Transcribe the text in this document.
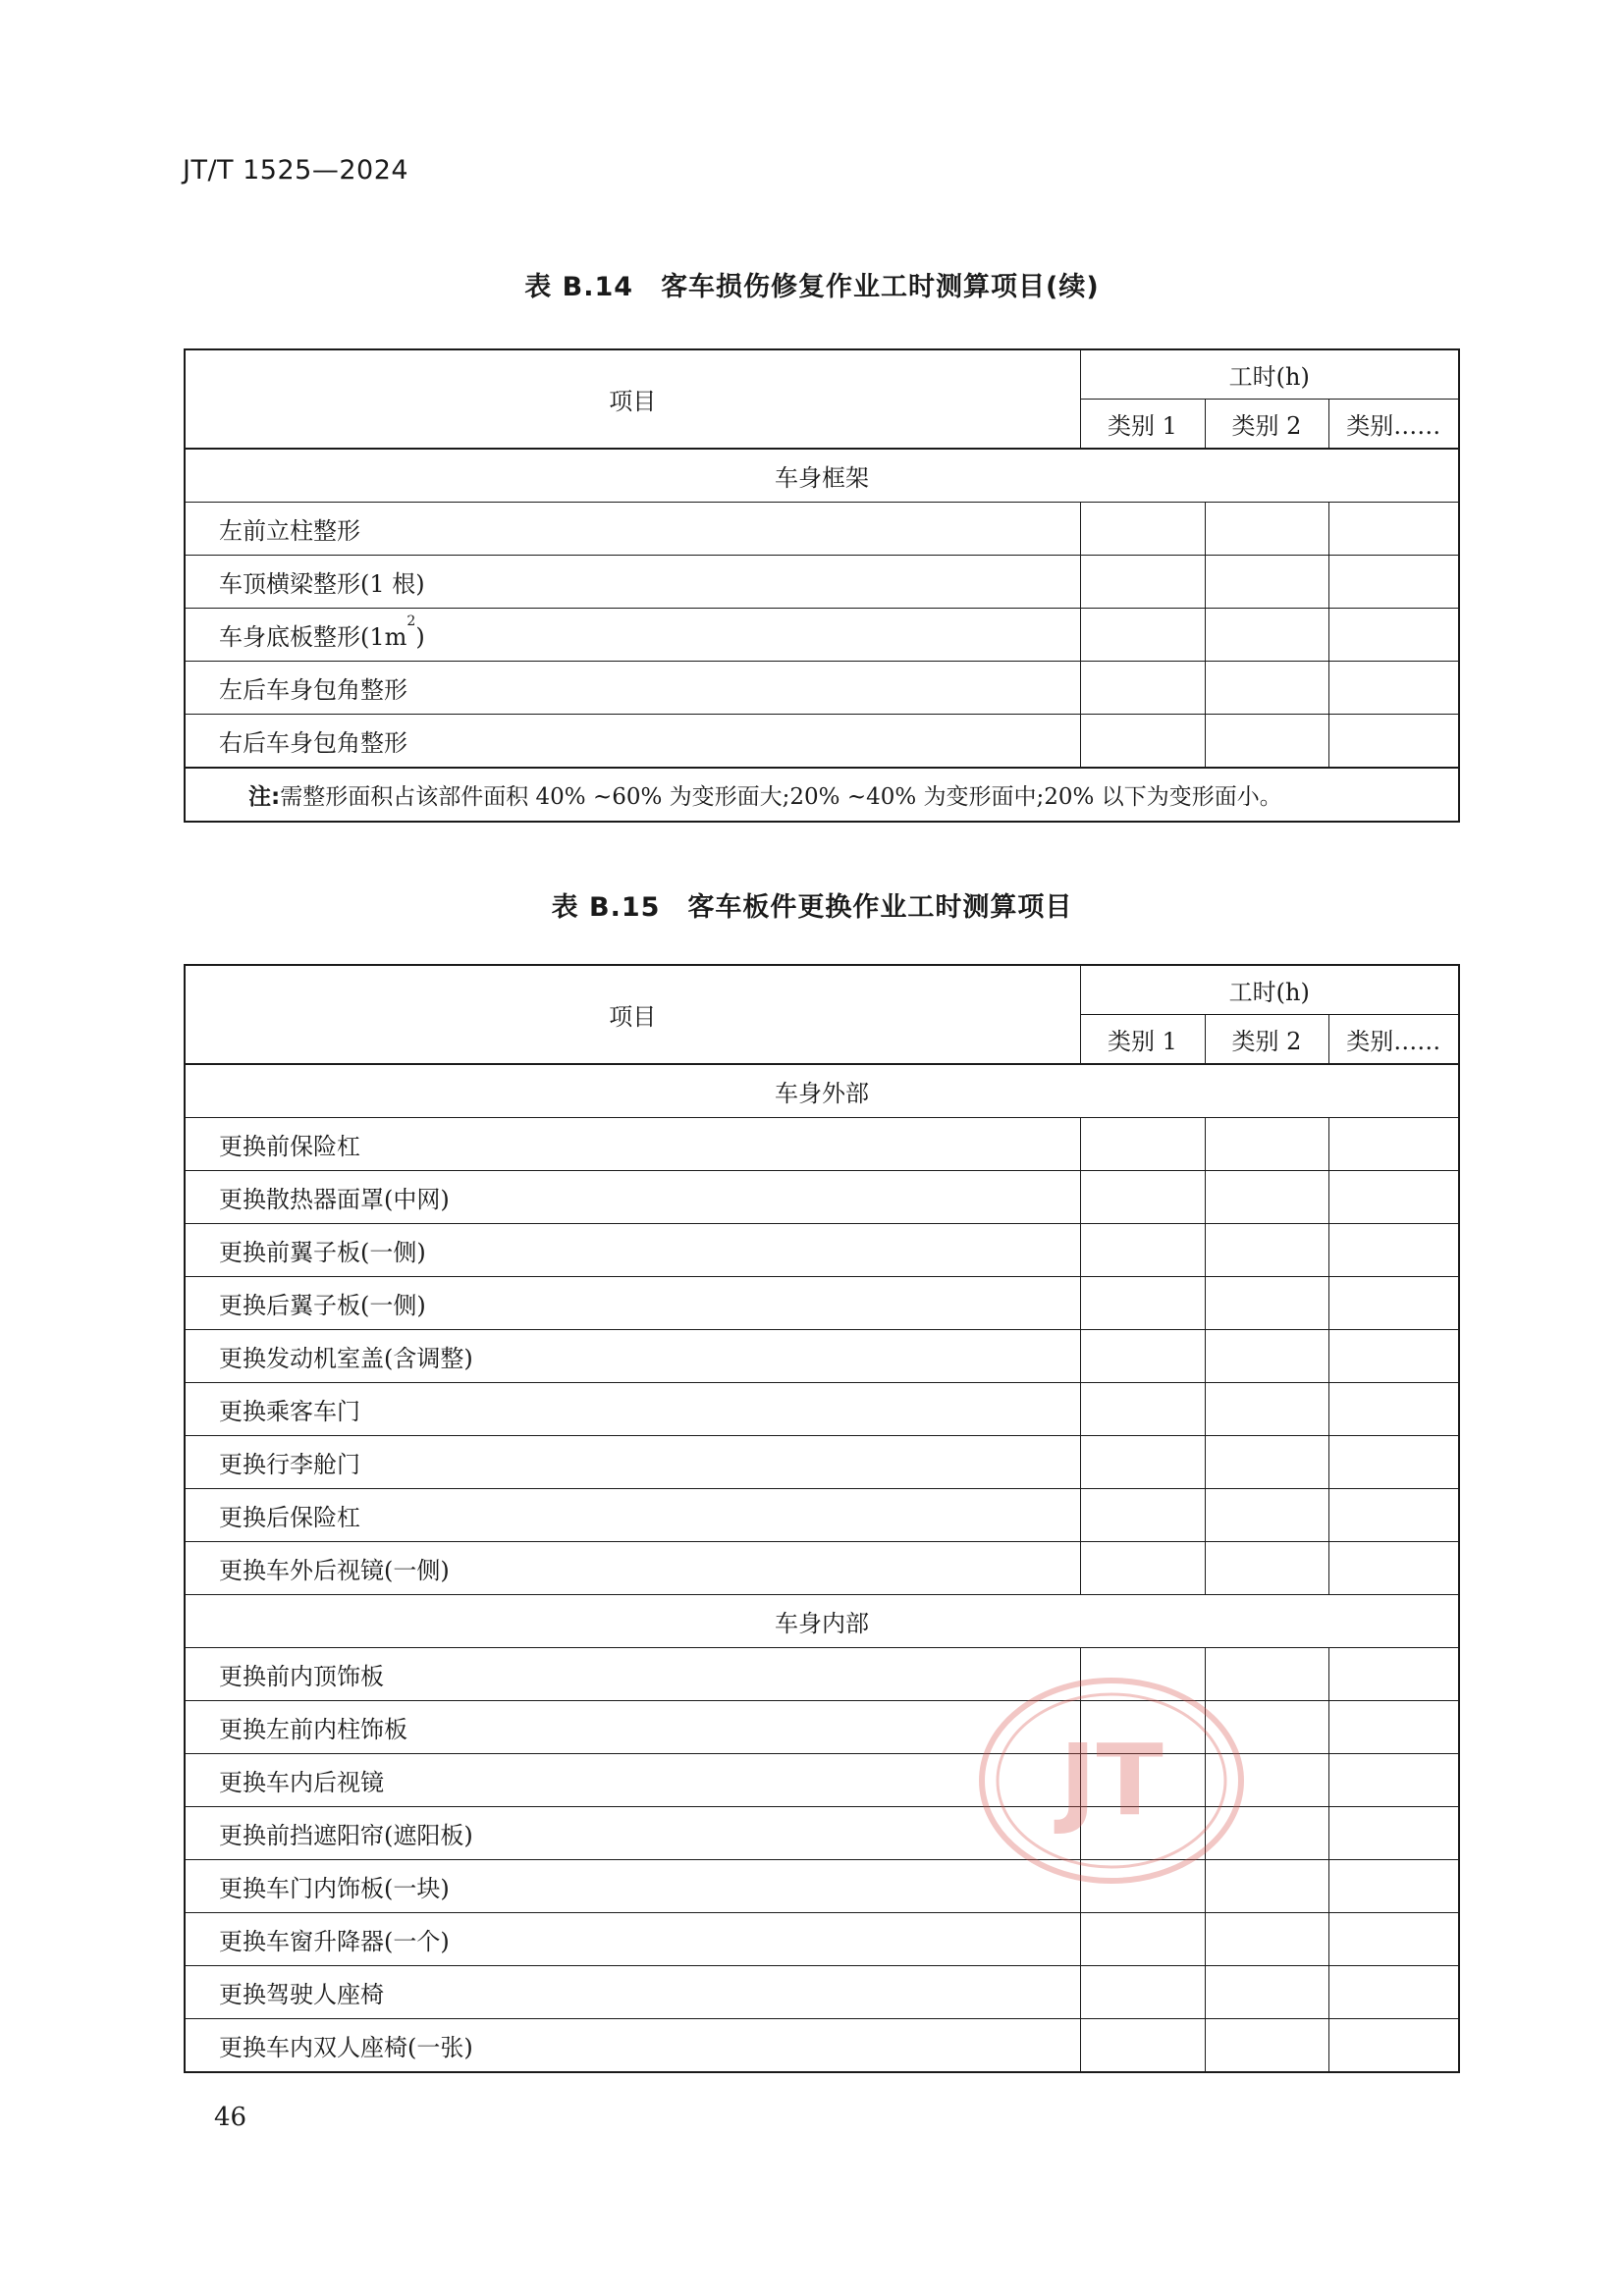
JT/T 1525—2024
表 B.14 客车损伤修复作业工时测算项目(续)
项目	工时(h)		
	类别 1	类别 2	类别……
车身框架			
左前立柱整形			
车顶横梁整形(1 根)			
车身底板整形$(1m^2)$			
左后车身包角整形			
右后车身包角整形			
注:需整形面积占该部件面积 40% ~60% 为变形面大;20% ~40% 为变形面中;20% 以下为变形面小。			
表 B.15 客车板件更换作业工时测算项目
项目	工时(h)		
	类别 1	类别 2	类别……
车身外部			
更换前保险杠			
更换散热器面罩(中网)			
更换前翼子板(一侧)			
更换后翼子板(一侧)			
更换发动机室盖(含调整)			
更换乘客车门			
更换行李舱门			
更换后保险杠			
更换车外后视镜(一侧)			
车身内部			
更换前内顶饰板			
更换左前内柱饰板			
更换车内后视镜			
更换前挡遮阳帘(遮阳板)			
更换车门内饰板(一块)			
更换车窗升降器(一个)			
更换驾驶人座椅			
更换车内双人座椅(一张)			
JT
46
